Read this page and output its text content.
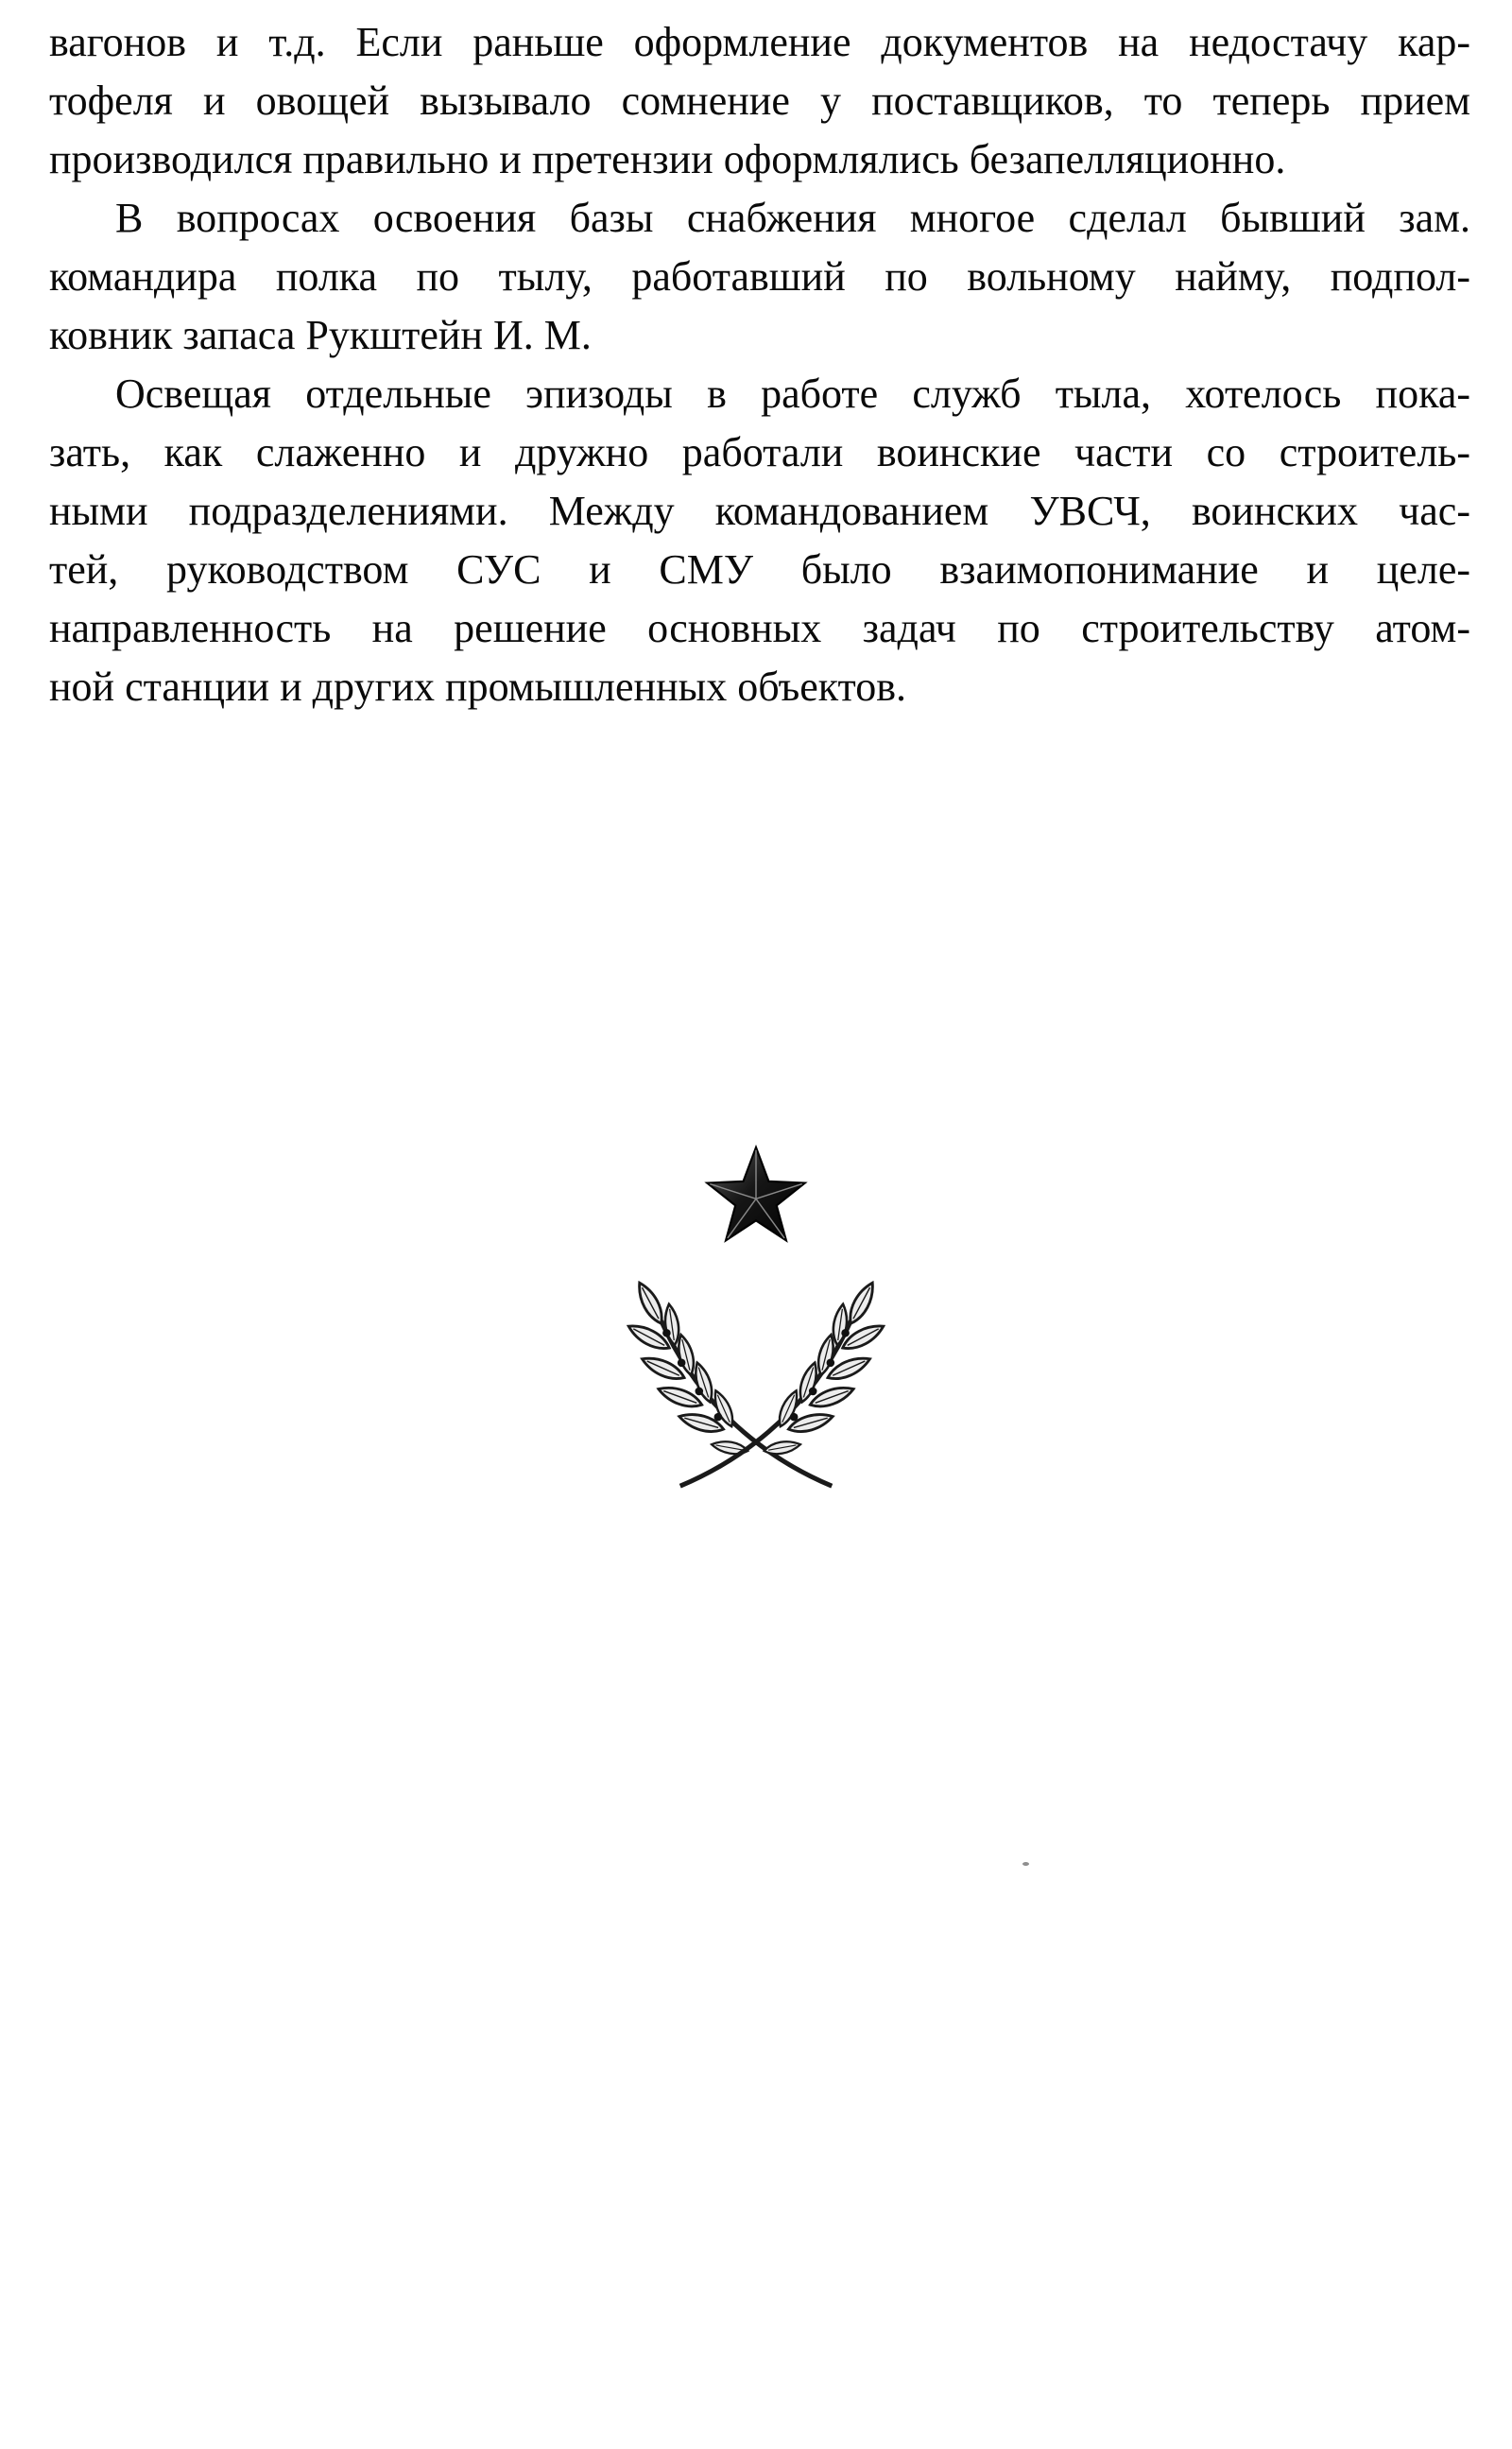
вагонов и т.д. Если раньше оформление документов на недостачу кар-
тофеля и овощей вызывало сомнение у поставщиков, то теперь прием
производился правильно и претензии оформлялись безапелляционно.
В вопросах освоения базы снабжения многое сделал бывший зам.
командира полка по тылу, работавший по вольному найму, подпол-
ковник запаса Рукштейн И. М.
Освещая отдельные эпизоды в работе служб тыла, хотелось пока-
зать, как слаженно и дружно работали воинские части со строитель-
ными подразделениями. Между командованием УВСЧ, воинских час-
тей, руководством СУС и СМУ было взаимопонимание и целе-
направленность на решение основных задач по строительству атом-
ной станции и других промышленных объектов.
